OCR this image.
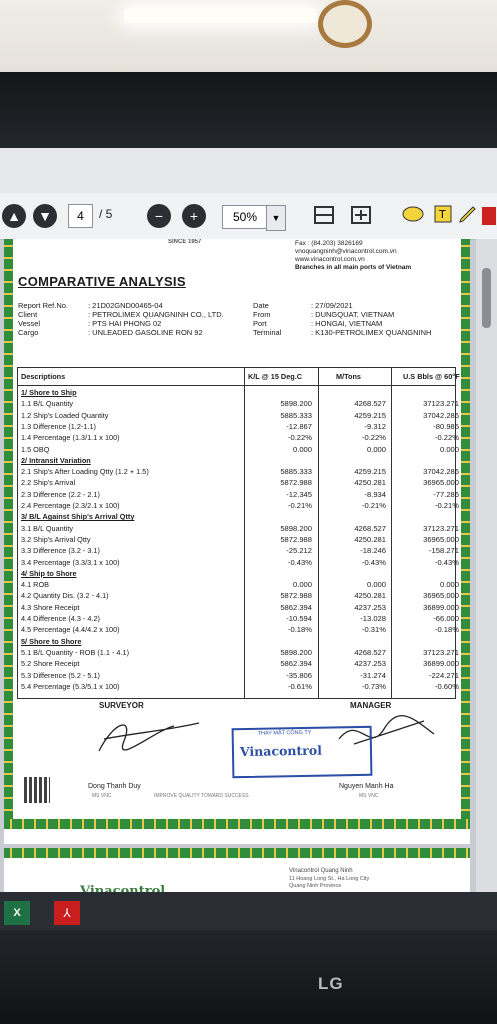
▲	▼	4	/ 5	−	+	50%	▼	T
SINCE 1957	Fax : (84.203) 3826169
vnoquangninh@vinacontrol.com.vn
www.vinacontrol.com.vn
Branches in all main ports of Vietnam
COMPARATIVE ANALYSIS
Report Ref.No.	: 21D02GND00465-04
Client	: PETROLIMEX QUANGNINH CO., LTD.
Vessel	: PTS HAI PHONG 02
Cargo	: UNLEADED GASOLINE RON 92
Date	: 27/09/2021
From	: DUNGQUAT, VIETNAM
Port	: HONGAI, VIETNAM
Terminal	: K130-PETROLIMEX QUANGNINH
Descriptions	K/L @ 15 Deg.C	M/Tons	U.S Bbls @ 60°F
1/ Shore to Ship
1.1 B/L Quantity	5898.200	4268.527	37123.271
1.2 Ship's Loaded Quantity	5885.333	4259.215	37042.286
1.3 Difference (1.2-1.1)	-12.867	-9.312	-80.985
1.4 Percentage (1.3/1.1 x 100)	-0.22%	-0.22%	-0.22%
1.5 OBQ	0.000	0.000	0.000
2/ Intransit Variation
2.1 Ship's After Loading Qtty (1.2 + 1.5)	5885.333	4259.215	37042.286
2.2 Ship's Arrival	5872.988	4250.281	36965.000
2.3 Difference (2.2 - 2.1)	-12.345	-8.934	-77.286
2.4 Percentage (2.3/2.1 x 100)	-0.21%	-0.21%	-0.21%
3/ B/L Against Ship's Arrival Qtty
3.1 B/L Quantity	5898.200	4268.527	37123.271
3.2 Ship's Arrival Qtty	5872.988	4250.281	36965.000
3.3 Difference (3.2 - 3.1)	-25.212	-18.246	-158.271
3.4 Percentage (3.3/3.1 x 100)	-0.43%	-0.43%	-0.43%
4/ Ship to Shore
4.1 ROB	0.000	0.000	0.000
4.2 Quantity Dis. (3.2 - 4.1)	5872.988	4250.281	36965.000
4.3 Shore Receipt	5862.394	4237.253	36899.000
4.4 Difference (4.3 - 4.2)	-10.594	-13.028	-66.000
4.5 Percentage (4.4/4.2 x 100)	-0.18%	-0.31%	-0.18%
5/ Shore to Shore
5.1 B/L Quantity - ROB (1.1 - 4.1)	5898.200	4268.527	37123.271
5.2 Shore Receipt	5862.394	4237.253	36899.000
5.3 Difference (5.2 - 5.1)	-35.806	-31.274	-224.271
5.4 Percentage (5.3/5.1 x 100)	-0.61%	-0.73%	-0.60%
SURVEYOR	MANAGER
THAY MẶT CÔNG TY
Vinacontrol
Dong Thanh Duy	Nguyen Manh Ha
MS VNC	IMPROVE QUALITY TOWARD SUCCESS	MS VNC
Vinacontrol Quang Ninh
11 Hoang Long St., Ha Long City
Quang Ninh Province
X	⅄
LG
